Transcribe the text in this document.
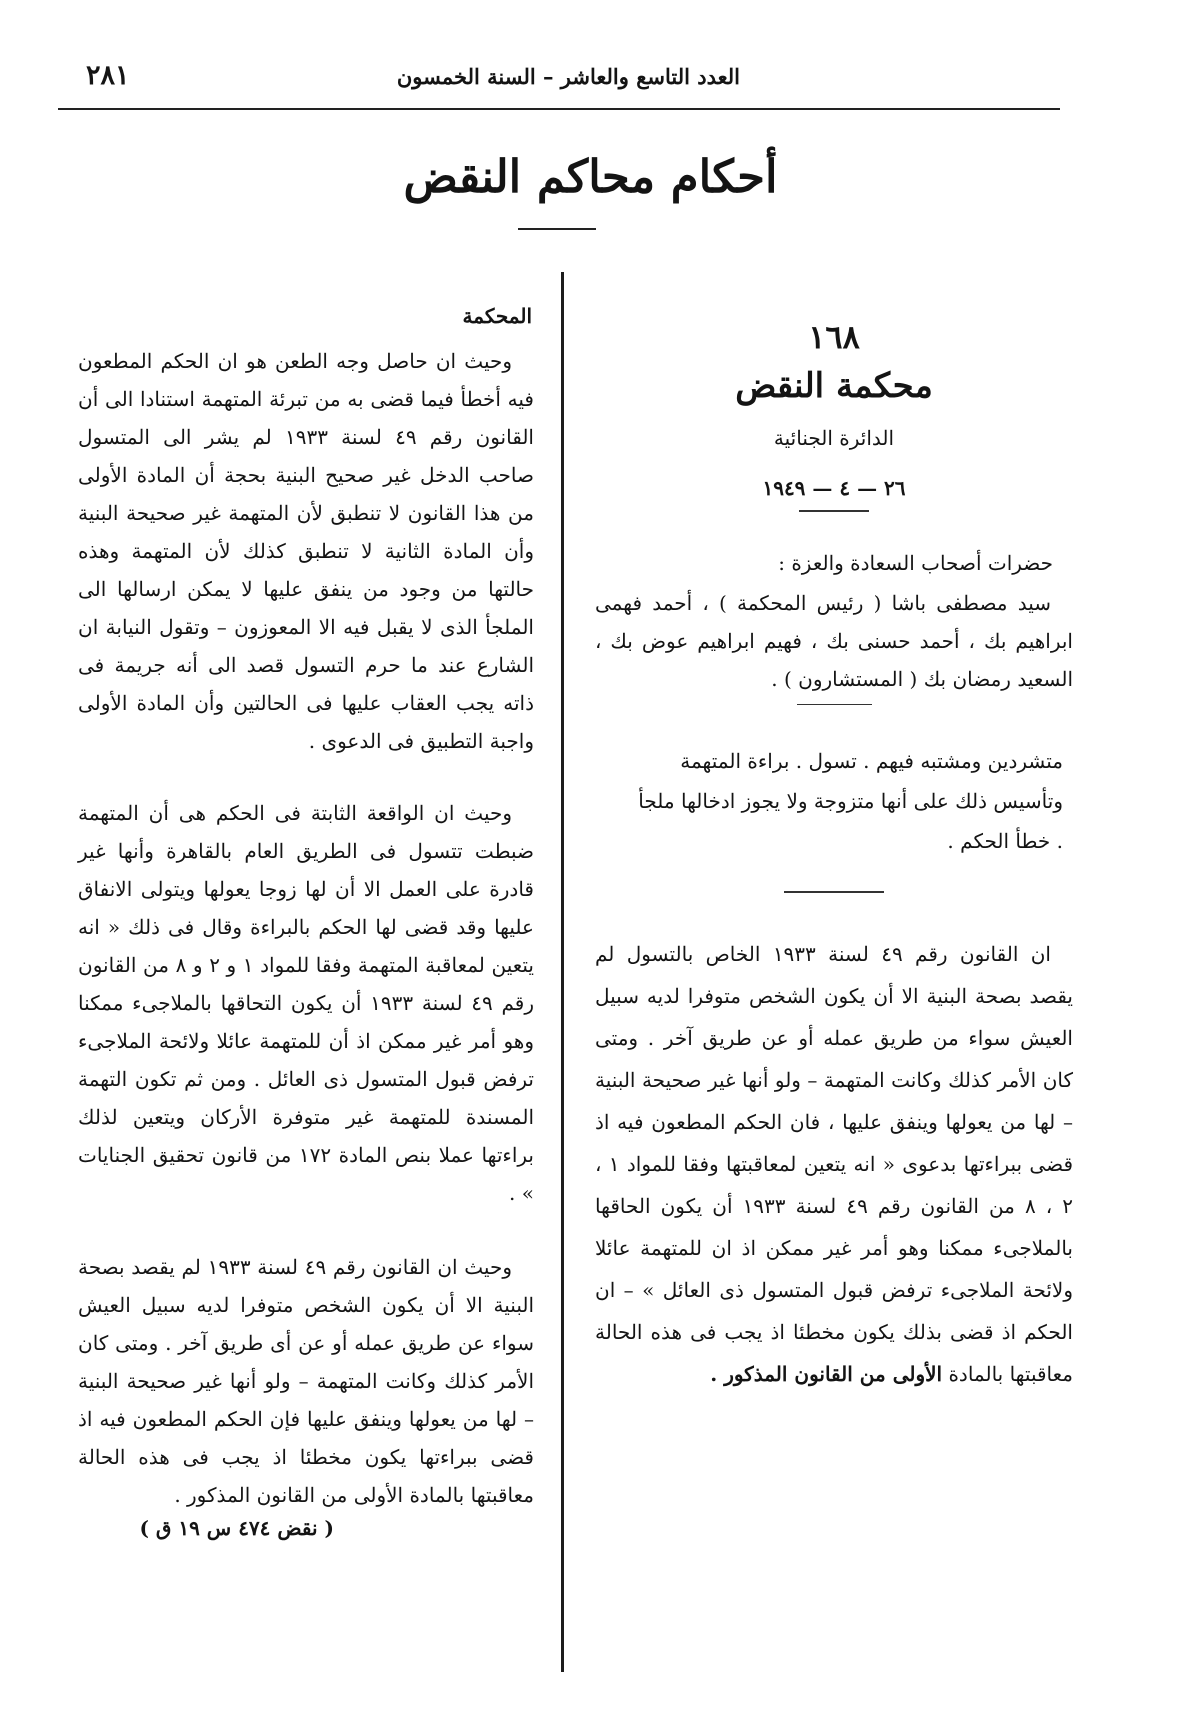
العدد التاسع والعاشر – السنة الخمسون
٢٨١
أحكام محاكم النقض
١٦٨
محكمة النقض
الدائرة الجنائية
٢٦ — ٤ — ١٩٤٩
حضرات أصحاب السعادة والعزة :
سيد مصطفى باشا ( رئيس المحكمة ) ، أحمد فهمى ابراهيم بك ، أحمد حسنى بك ، فهيم ابراهيم عوض بك ، السعيد رمضان بك ( المستشارون ) .
متشردين ومشتبه فيهم . تسول . براءة المتهمة وتأسيس ذلك على أنها متزوجة ولا يجوز ادخالها ملجأ . خطأ الحكم .
ان القانون رقم ٤٩ لسنة ١٩٣٣ الخاص بالتسول لم يقصد بصحة البنية الا أن يكون الشخص متوفرا لديه سبيل العيش سواء من طريق عمله أو عن طريق آخر . ومتى كان الأمر كذلك وكانت المتهمة – ولو أنها غير صحيحة البنية – لها من يعولها وينفق عليها ، فان الحكم المطعون فيه اذ قضى ببراءتها بدعوى « انه يتعين لمعاقبتها وفقا للمواد ١ ، ٢ ، ٨ من القانون رقم ٤٩ لسنة ١٩٣٣ أن يكون الحاقها بالملاجىء ممكنا وهو أمر غير ممكن اذ ان للمتهمة عائلا ولائحة الملاجىء ترفض قبول المتسول ذى العائل » – ان الحكم اذ قضى بذلك يكون مخطئا اذ يجب فى هذه الحالة معاقبتها بالمادة الأولى من القانون المذكور .
المحكمة
وحيث ان حاصل وجه الطعن هو ان الحكم المطعون فيه أخطأ فيما قضى به من تبرئة المتهمة استنادا الى أن القانون رقم ٤٩ لسنة ١٩٣٣ لم يشر الى المتسول صاحب الدخل غير صحيح البنية بحجة أن المادة الأولى من هذا القانون لا تنطبق لأن المتهمة غير صحيحة البنية وأن المادة الثانية لا تنطبق كذلك لأن المتهمة وهذه حالتها من وجود من ينفق عليها لا يمكن ارسالها الى الملجأ الذى لا يقبل فيه الا المعوزون – وتقول النيابة ان الشارع عند ما حرم التسول قصد الى أنه جريمة فى ذاته يجب العقاب عليها فى الحالتين وأن المادة الأولى واجبة التطبيق فى الدعوى .
وحيث ان الواقعة الثابتة فى الحكم هى أن المتهمة ضبطت تتسول فى الطريق العام بالقاهرة وأنها غير قادرة على العمل الا أن لها زوجا يعولها ويتولى الانفاق عليها وقد قضى لها الحكم بالبراءة وقال فى ذلك « انه يتعين لمعاقبة المتهمة وفقا للمواد ١ و ٢ و ٨ من القانون رقم ٤٩ لسنة ١٩٣٣ أن يكون التحاقها بالملاجىء ممكنا وهو أمر غير ممكن اذ أن للمتهمة عائلا ولائحة الملاجىء ترفض قبول المتسول ذى العائل . ومن ثم تكون التهمة المسندة للمتهمة غير متوفرة الأركان ويتعين لذلك براءتها عملا بنص المادة ١٧٢ من قانون تحقيق الجنايات » .
وحيث ان القانون رقم ٤٩ لسنة ١٩٣٣ لم يقصد بصحة البنية الا أن يكون الشخص متوفرا لديه سبيل العيش سواء عن طريق عمله أو عن أى طريق آخر . ومتى كان الأمر كذلك وكانت المتهمة – ولو أنها غير صحيحة البنية – لها من يعولها وينفق عليها فإن الحكم المطعون فيه اذ قضى ببراءتها يكون مخطئا اذ يجب فى هذه الحالة معاقبتها بالمادة الأولى من القانون المذكور .
( نقض ٤٧٤ س ١٩ ق )
